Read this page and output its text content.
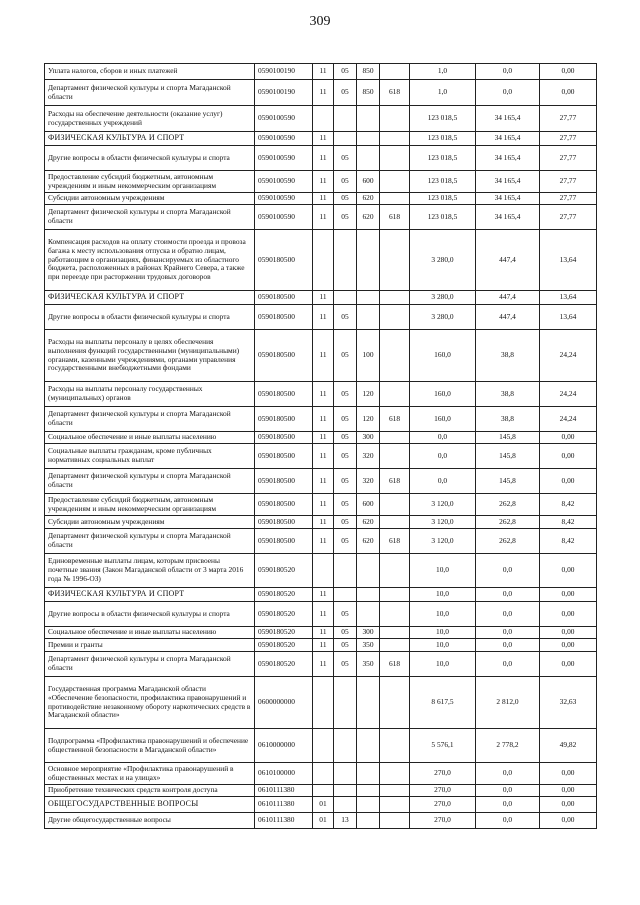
309
Уплата налогов, сборов и иных платежей	0590100190	11	05	850		1,0	0,0	0,00
Департамент физической культуры и спорта Магаданской области	0590100190	11	05	850	618	1,0	0,0	0,00
Расходы на обеспечение деятельности (оказание услуг) государственных учреждений	0590100590					123 018,5	34 165,4	27,77
ФИЗИЧЕСКАЯ КУЛЬТУРА И СПОРТ	0590100590	11				123 018,5	34 165,4	27,77
Другие вопросы в области физической культуры и спорта	0590100590	11	05			123 018,5	34 165,4	27,77
Предоставление субсидий бюджетным, автономным учреждениям и иным некоммерческим организациям	0590100590	11	05	600		123 018,5	34 165,4	27,77
Субсидии автономным учреждениям	0590100590	11	05	620		123 018,5	34 165,4	27,77
Департамент физической культуры и спорта Магаданской области	0590100590	11	05	620	618	123 018,5	34 165,4	27,77
Компенсация расходов на оплату стоимости проезда и провоза багажа к месту использования отпуска и обратно лицам, работающим в организациях, финансируемых из областного бюджета, расположенных в районах Крайнего Севера, а также при переезде при расторжении трудовых договоров	0590180500					3 280,0	447,4	13,64
ФИЗИЧЕСКАЯ КУЛЬТУРА И СПОРТ	0590180500	11				3 280,0	447,4	13,64
Другие вопросы в области физической культуры и спорта	0590180500	11	05			3 280,0	447,4	13,64
Расходы на выплаты персоналу в целях обеспечения выполнения функций государственными (муниципальными) органами, казенными учреждениями, органами управления государственными внебюджетными фондами	0590180500	11	05	100		160,0	38,8	24,24
Расходы на выплаты персоналу государственных (муниципальных) органов	0590180500	11	05	120		160,0	38,8	24,24
Департамент физической культуры и спорта Магаданской области	0590180500	11	05	120	618	160,0	38,8	24,24
Социальное обеспечение и иные выплаты населению	0590180500	11	05	300		0,0	145,8	0,00
Социальные выплаты гражданам, кроме публичных нормативных социальных выплат	0590180500	11	05	320		0,0	145,8	0,00
Департамент физической культуры и спорта Магаданской области	0590180500	11	05	320	618	0,0	145,8	0,00
Предоставление субсидий бюджетным, автономным учреждениям и иным некоммерческим организациям	0590180500	11	05	600		3 120,0	262,8	8,42
Субсидии автономным учреждениям	0590180500	11	05	620		3 120,0	262,8	8,42
Департамент физической культуры и спорта Магаданской области	0590180500	11	05	620	618	3 120,0	262,8	8,42
Единовременные выплаты лицам, которым присвоены почетные звания (Закон Магаданской области от 3 марта 2016 года № 1996-ОЗ)	0590180520					10,0	0,0	0,00
ФИЗИЧЕСКАЯ КУЛЬТУРА И СПОРТ	0590180520	11				10,0	0,0	0,00
Другие вопросы в области физической культуры и спорта	0590180520	11	05			10,0	0,0	0,00
Социальное обеспечение и иные выплаты населению	0590180520	11	05	300		10,0	0,0	0,00
Премии и гранты	0590180520	11	05	350		10,0	0,0	0,00
Департамент физической культуры и спорта Магаданской области	0590180520	11	05	350	618	10,0	0,0	0,00
Государственная программа Магаданской области «Обеспечение безопасности, профилактика правонарушений и противодействие незаконному обороту наркотических средств в Магаданской области»	0600000000					8 617,5	2 812,0	32,63
Подпрограмма «Профилактика правонарушений и обеспечение общественной безопасности в Магаданской области»	0610000000					5 576,1	2 778,2	49,82
Основное мероприятие «Профилактика правонарушений в общественных местах и на улицах»	0610100000					270,0	0,0	0,00
Приобретение технических средств контроля доступа	0610111380					270,0	0,0	0,00
ОБЩЕГОСУДАРСТВЕННЫЕ ВОПРОСЫ	0610111380	01				270,0	0,0	0,00
Другие общегосударственные вопросы	0610111380	01	13			270,0	0,0	0,00
